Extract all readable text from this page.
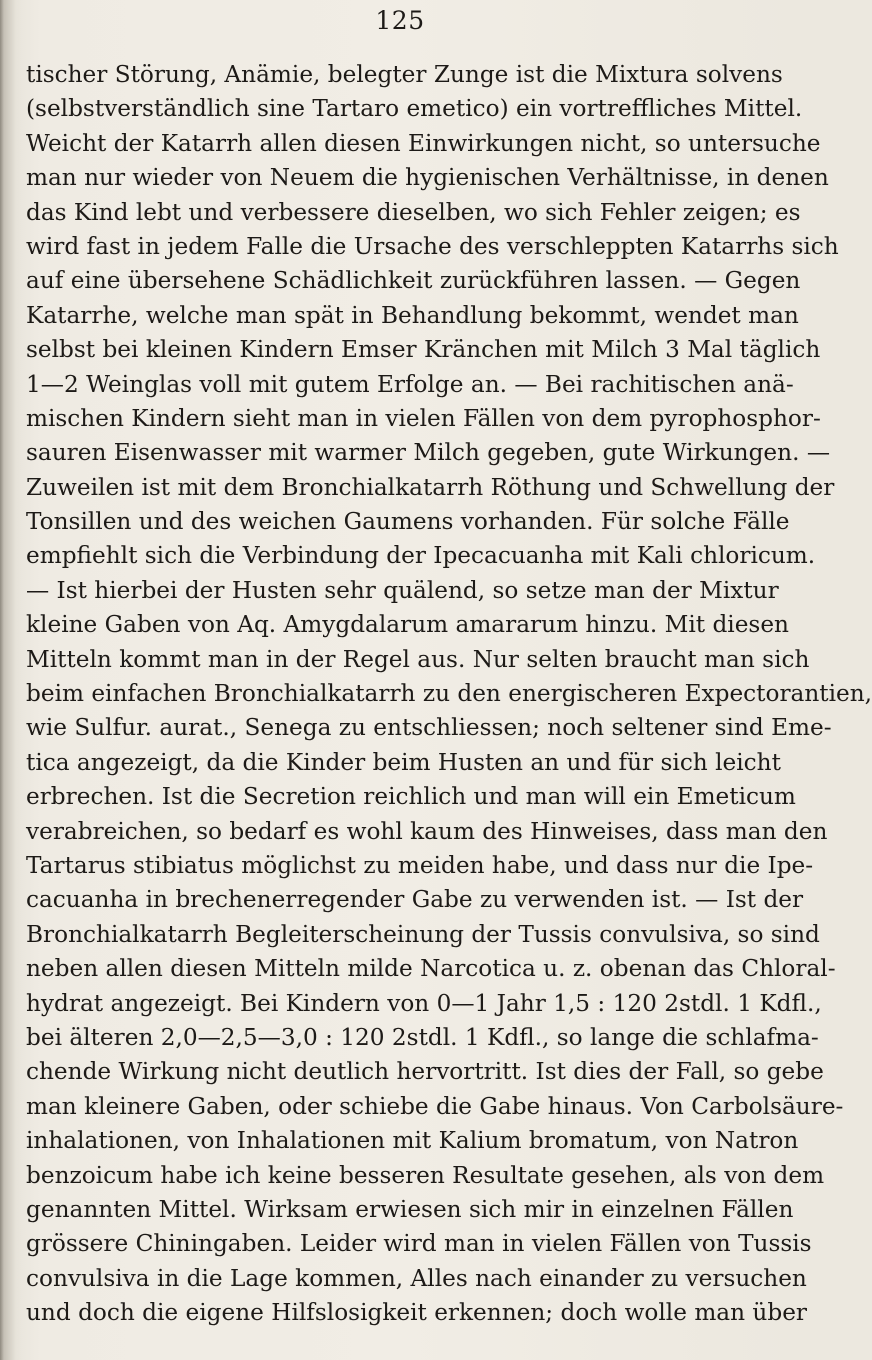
125
tischer Störung, Anämie, belegter Zunge ist die Mixtura solvens
(selbstverständlich sine Tartaro emetico) ein vortreffliches Mittel.
Weicht der Katarrh allen diesen Einwirkungen nicht, so untersuche
man nur wieder von Neuem die hygienischen Verhältnisse, in denen
das Kind lebt und verbessere dieselben, wo sich Fehler zeigen; es
wird fast in jedem Falle die Ursache des verschleppten Katarrhs sich
auf eine übersehene Schädlichkeit zurückführen lassen. — Gegen
Katarrhe, welche man spät in Behandlung bekommt, wendet man
selbst bei kleinen Kindern Emser Kränchen mit Milch 3 Mal täglich
1—2 Weinglas voll mit gutem Erfolge an. — Bei rachitischen anä-
mischen Kindern sieht man in vielen Fällen von dem pyrophosphor-
sauren Eisenwasser mit warmer Milch gegeben, gute Wirkungen. —
Zuweilen ist mit dem Bronchialkatarrh Röthung und Schwellung der
Tonsillen und des weichen Gaumens vorhanden. Für solche Fälle
empfiehlt sich die Verbindung der Ipecacuanha mit Kali chloricum.
— Ist hierbei der Husten sehr quälend, so setze man der Mixtur
kleine Gaben von Aq. Amygdalarum amararum hinzu. Mit diesen
Mitteln kommt man in der Regel aus. Nur selten braucht man sich
beim einfachen Bronchialkatarrh zu den energischeren Expectorantien,
wie Sulfur. aurat., Senega zu entschliessen; noch seltener sind Eme-
tica angezeigt, da die Kinder beim Husten an und für sich leicht
erbrechen. Ist die Secretion reichlich und man will ein Emeticum
verabreichen, so bedarf es wohl kaum des Hinweises, dass man den
Tartarus stibiatus möglichst zu meiden habe, und dass nur die Ipe-
cacuanha in brechenerregender Gabe zu verwenden ist. — Ist der
Bronchialkatarrh Begleiterscheinung der Tussis convulsiva, so sind
neben allen diesen Mitteln milde Narcotica u. z. obenan das Chloral-
hydrat angezeigt. Bei Kindern von 0—1 Jahr 1,5 : 120 2stdl. 1 Kdfl.,
bei älteren 2,0—2,5—3,0 : 120 2stdl. 1 Kdfl., so lange die schlafma-
chende Wirkung nicht deutlich hervortritt. Ist dies der Fall, so gebe
man kleinere Gaben, oder schiebe die Gabe hinaus. Von Carbolsäure-
inhalationen, von Inhalationen mit Kalium bromatum, von Natron
benzoicum habe ich keine besseren Resultate gesehen, als von dem
genannten Mittel. Wirksam erwiesen sich mir in einzelnen Fällen
grössere Chiningaben. Leider wird man in vielen Fällen von Tussis
convulsiva in die Lage kommen, Alles nach einander zu versuchen
und doch die eigene Hilfslosigkeit erkennen; doch wolle man über
